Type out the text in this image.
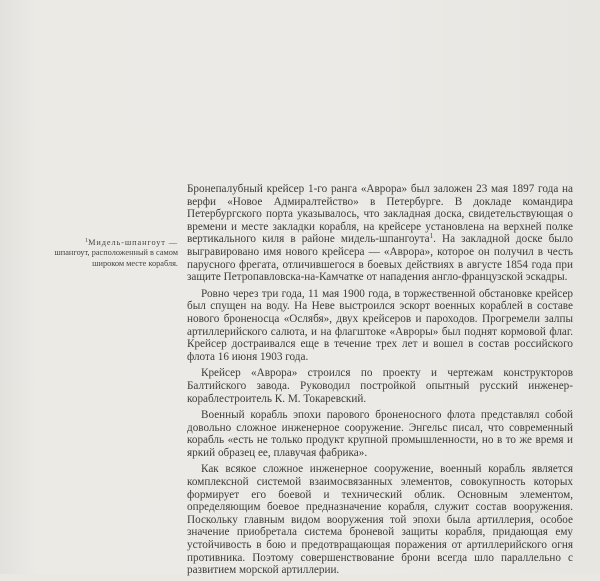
$^1$Мидель-шпангоут — шпангоут, расположенный в самом широком месте корабля.

Бронепалубный крейсер 1-го ранга «Аврора» был заложен 23 мая 1897 года на верфи «Новое Адмиралтейство» в Петербурге. В докладе командира Петербургского порта указывалось, что закладная доска, свидетельствующая о времени и месте закладки корабля, на крейсере установлена на верхней полке вертикального киля в районе мидель-шпангоута$^1$. На закладной доске было выгравировано имя нового крейсера — «Аврора», которое он получил в честь парусного фрегата, отличившегося в боевых действиях в августе 1854 года при защите Петропавловска-на-Камчатке от нападения англо-французской эскадры.

Ровно через три года, 11 мая 1900 года, в торжественной обстановке крейсер был спущен на воду. На Неве выстроился эскорт военных кораблей в составе нового броненосца «Ослябя», двух крейсеров и пароходов. Прогремели залпы артиллерийского салюта, и на флагштоке «Авроры» был поднят кормовой флаг. Крейсер достраивался еще в течение трех лет и вошел в состав российского флота 16 июня 1903 года.

Крейсер «Аврора» строился по проекту и чертежам конструкторов Балтийского завода. Руководил постройкой опытный русский инженер-кораблестроитель К. М. Токаревский.

Военный корабль эпохи парового броненосного флота представлял собой довольно сложное инженерное сооружение. Энгельс писал, что современный корабль «есть не только продукт крупной промышленности, но в то же время и яркий образец ее, плавучая фабрика».

Как всякое сложное инженерное сооружение, военный корабль является комплексной системой взаимосвязанных элементов, совокупность которых формирует его боевой и технический облик. Основным элементом, определяющим боевое предназначение корабля, служит состав вооружения. Поскольку главным видом вооружения той эпохи была артиллерия, особое значение приобретала система броневой защиты корабля, придающая ему устойчивость в бою и предотвращающая поражения от артиллерийского огня противника. Поэтому совершенствование брони всегда шло параллельно с развитием морской артиллерии.
